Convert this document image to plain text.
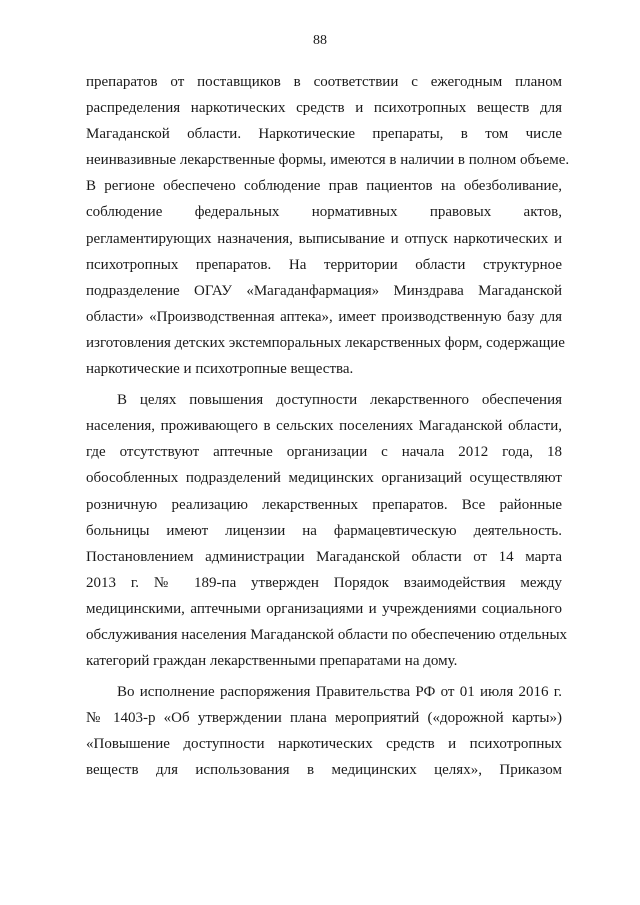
88
препаратов от поставщиков в соответствии с ежегодным планом
распределения наркотических средств и психотропных веществ для
Магаданской области. Наркотические препараты, в том числе
неинвазивные лекарственные формы, имеются в наличии в полном объеме.
В регионе обеспечено соблюдение прав пациентов на обезболивание,
соблюдение федеральных нормативных правовых актов,
регламентирующих назначения, выписывание и отпуск наркотических и
психотропных препаратов. На территории области структурное
подразделение ОГАУ «Магаданфармация» Минздрава Магаданской
области» «Производственная аптека», имеет производственную базу для
изготовления детских экстемпоральных лекарственных форм, содержащие
наркотические и психотропные вещества.
В целях повышения доступности лекарственного обеспечения
населения, проживающего в сельских поселениях Магаданской области,
где отсутствуют аптечные организации с начала 2012 года, 18
обособленных подразделений медицинских организаций осуществляют
розничную реализацию лекарственных препаратов. Все районные
больницы имеют лицензии на фармацевтическую деятельность.
Постановлением администрации Магаданской области от 14 марта
2013 г. № 189-па утвержден Порядок взаимодействия между
медицинскими, аптечными организациями и учреждениями социального
обслуживания населения Магаданской области по обеспечению отдельных
категорий граждан лекарственными препаратами на дому.
Во исполнение распоряжения Правительства РФ от 01 июля 2016 г.
№ 1403-р «Об утверждении плана мероприятий («дорожной карты»)
«Повышение доступности наркотических средств и психотропных
веществ для использования в медицинских целях», Приказом
